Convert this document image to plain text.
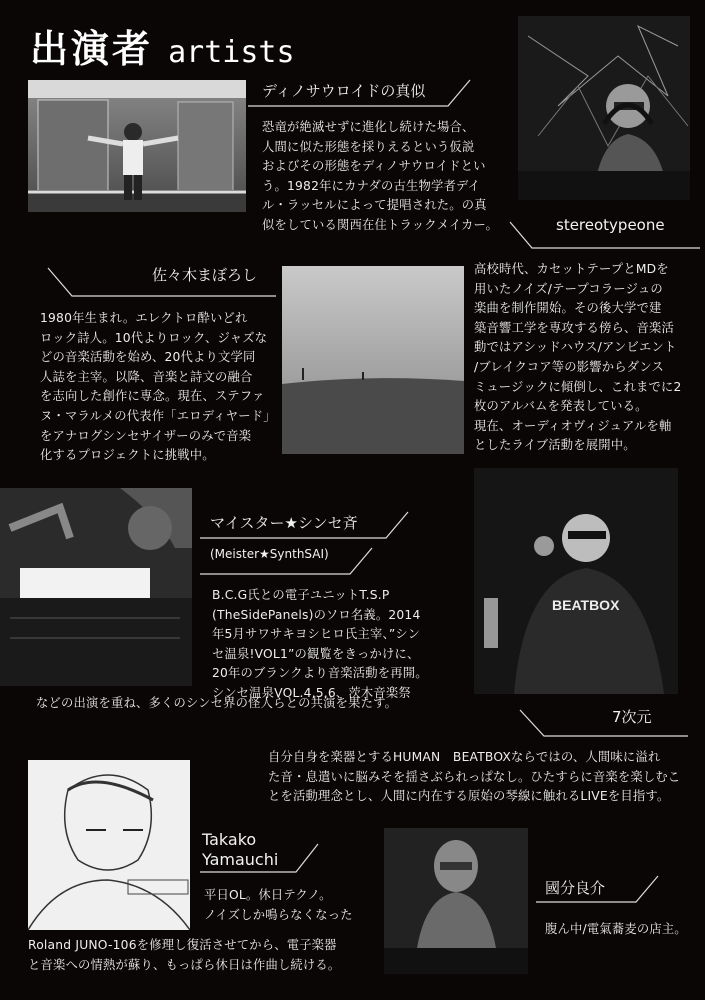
出演者 artists
ディノサウロイドの真似
恐竜が絶滅せずに進化し続けた場合、
人間に似た形態を採りえるという仮説
およびその形態をディノサウロイドとい
う。1982年にカナダの古生物学者デイ
ル・ラッセルによって提唱された。の真
似をしている関西在住トラックメイカー。	stereotypeone
高校時代、カセットテープとMDを
用いたノイズ/テープコラージュの
楽曲を制作開始。その後大学で建
築音響工学を専攻する傍ら、音楽活
動ではアシッドハウス/アンビエント
/ブレイクコア等の影響からダンス
ミュージックに傾倒し、これまでに2
枚のアルバムを発表している。
現在、オーディオヴィジュアルを軸
としたライブ活動を展開中。
佐々木まぼろし
1980年生まれ。エレクトロ酔いどれ
ロック詩人。10代よりロック、ジャズな
どの音楽活動を始め、20代より文学同
人誌を主宰。以降、音楽と詩文の融合
を志向した創作に専念。現在、ステファ
ヌ・マラルメの代表作「エロディヤード」
をアナログシンセサイザーのみで音楽
化するプロジェクトに挑戦中。
マイスター★シンセ斉
(Meister★SynthSAI)
B.C.G氏との電子ユニットT.S.P
(TheSidePanels)のソロ名義。2014
年5月サワサキヨシヒロ氏主宰、”シン
セ温泉!VOL1”の観覧をきっかけに、
20年のブランクより音楽活動を再開。
シンセ温泉VOL.4,5,6、茨木音楽祭
などの出演を重ね、多くのシンセ界の怪人らとの共演を果たす。
BEATBOX
7次元
自分自身を楽器とするHUMAN　BEATBOXならではの、人間味に溢れ
た音・息遣いに脳みそを揺さぶられっぱなし。ひたすらに音楽を楽しむこ
とを活動理念とし、人間に内在する原始の琴線に触れるLIVEを目指す。
Takako
Yamauchi
平日OL。休日テクノ。
ノイズしか鳴らなくなった
Roland JUNO-106を修理し復活させてから、電子楽器
と音楽への情熱が蘇り、もっぱら休日は作曲し続ける。
國分良介
腹ん中/電氣蕎麦の店主。
